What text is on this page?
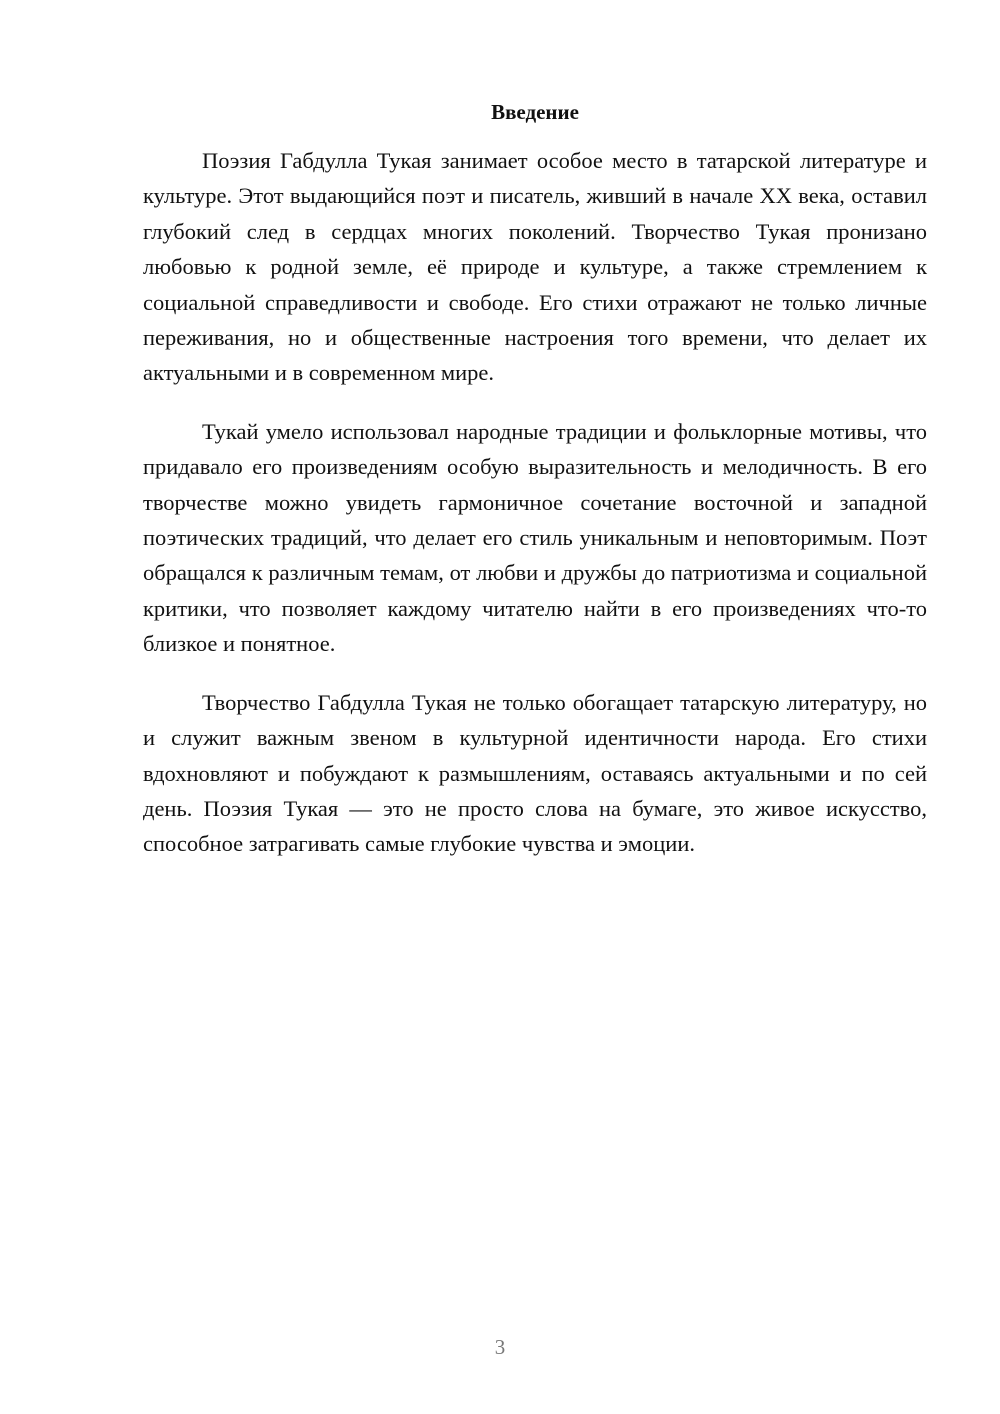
Введение

Поэзия Габдулла Тукая занимает особое место в татарской литературе и культуре. Этот выдающийся поэт и писатель, живший в начале XX века, оставил глубокий след в сердцах многих поколений. Творчество Тукая пронизано любовью к родной земле, её природе и культуре, а также стремлением к социальной справедливости и свободе. Его стихи отражают не только личные переживания, но и общественные настроения того времени, что делает их актуальными и в современном мире.

Тукай умело использовал народные традиции и фольклорные мотивы, что придавало его произведениям особую выразительность и мелодичность. В его творчестве можно увидеть гармоничное сочетание восточной и западной поэтических традиций, что делает его стиль уникальным и неповторимым. Поэт обращался к различным темам, от любви и дружбы до патриотизма и социальной критики, что позволяет каждому читателю найти в его произведениях что-то близкое и понятное.

Творчество Габдулла Тукая не только обогащает татарскую литературу, но и служит важным звеном в культурной идентичности народа. Его стихи вдохновляют и побуждают к размышлениям, оставаясь актуальными и по сей день. Поэзия Тукая — это не просто слова на бумаге, это живое искусство, способное затрагивать самые глубокие чувства и эмоции.

3
